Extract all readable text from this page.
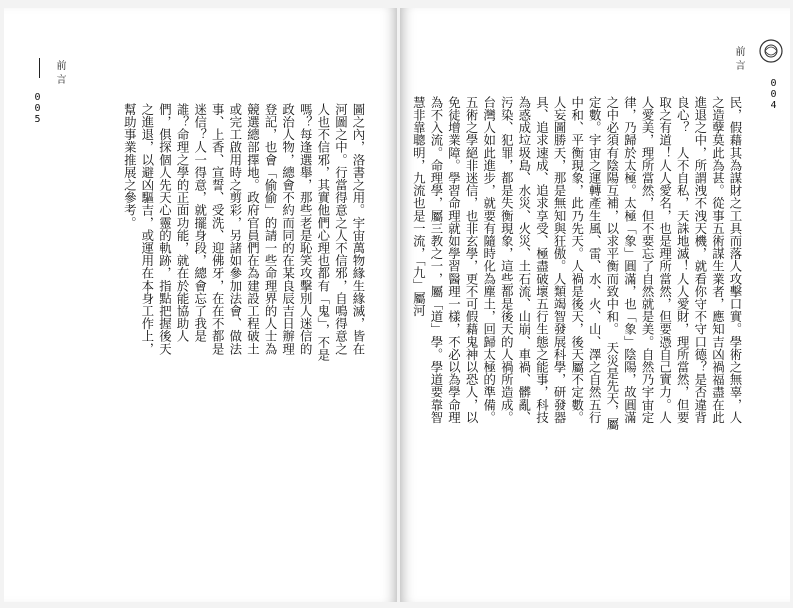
前言
005	圖之內，洛書之用。宇宙萬物緣生緣滅，皆在河圖之中。行當得意之人不信邪，自鳴得意之人也不信邪，其實他們心理也都有「鬼」，不是嗎？每逢選舉，那些老是恥笑攻擊別人迷信的政治人物，總會不約而同的在某良辰吉日辦理登記，也會「偷偷」的請一些命理界的人士為競選總部擇地。政府官員們在為建設工程破土或完工啟用時之剪彩，另諸如參加法會、做法事、上香、宣誓、受洗、迎佛牙，在在不都是迷信？人一得意，就擺身段，總會忘了我是誰？命理之學的正面功能，就在於能協助人們，俱探個人先天心靈的軌跡，指點把握後天之進退，以避凶驅吉，或運用在本身工作上，幫助事業推展之參考。
前言
004
民，假藉其為謀財之工具而落人攻擊口實。學術之無辜，人之造孽莫此為甚。從事五術謀生業者，應知吉凶禍福盡在此進退之中，所謂洩不洩天機，就看你守不守口德？是否違背良心？　人不自私，天誅地滅！人人愛財，理所當然，但要取之有道！人人愛名，也是理所當然，但要憑自己實力。人人愛美，理所當然，但不要忘了自然就是美。自然乃宇宙定律，乃歸於太極。太極「象」圓滿，也「象」陰陽，故圓滿之中必須有陰陽互補，以求平衡而致中和。　天災是先天，屬定數。宇宙之運轉產生風、雷、水、火、山、澤之自然五行中和、平衡現象，此乃先天。人禍是後天，後天屬不定數。人妄圖勝天，那是無知與狂傲。人類竭智發展科學，研發器具、追求速成、追求享受、極盡破壞五行生態之能事，科技為惑成垃圾島、水災、火災、土石流、山崩、車禍、髒亂、污染、犯罪，都是失衡現象，這些都是後天的人禍所造成。台灣人如此進步，就要有隨時化為塵土，回歸太極的準備。　五術之學絕非迷信，也非玄學，更不可假藉鬼神以恐人，以免徒增業障。學習命理就如學習醫理一樣，不必以為學命理為不入流。命理學，屬三教之一，屬「道」學。學道要靠智慧非靠聰明，九流也是一流，「九」屬河
